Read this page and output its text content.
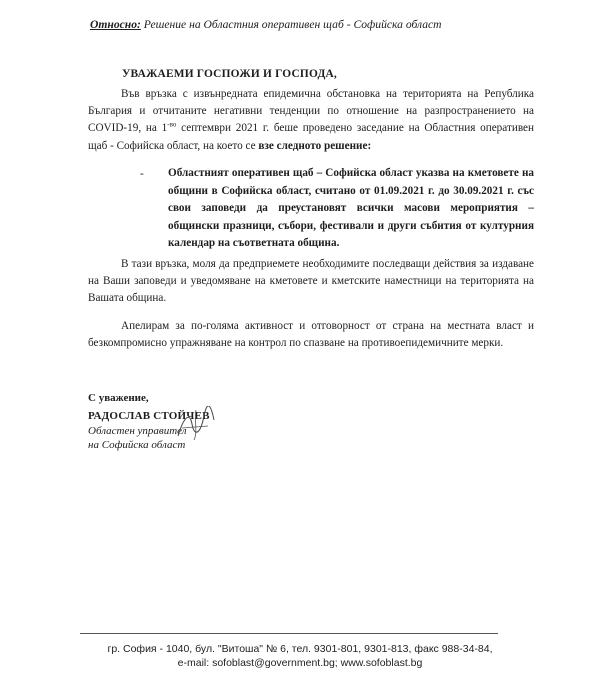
Относно: Решение на Областния оперативен щаб - Софийска област
УВАЖАЕМИ ГОСПОЖИ И ГОСПОДА,
Във връзка с извънредната епидемична обстановка на територията на Република България и отчитаните негативни тенденции по отношение на разпространението на COVID-19, на $1^{-во}$ септември 2021 г. беше проведено заседание на Областния оперативен щаб - Софийска област, на което се взе следното решение:
- Областният оперативен щаб – Софийска област указва на кметовете на общини в Софийска област, считано от 01.09.2021 г. до 30.09.2021 г. със свои заповеди да преустановят всички масови мероприятия – общински празници, събори, фестивали и други събития от културния календар на съответната община.
В тази връзка, моля да предприемете необходимите последващи действия за издаване на Ваши заповеди и уведомяване на кметовете и кметските наместници на територията на Вашата община.
Апелирам за по-голяма активност и отговорност от страна на местната власт и безкомпромисно упражняване на контрол по спазване на противоепидемичните мерки.
С уважение,
РАДОСЛАВ СТОЙЧЕВ
Областен управител
на Софийска област
гр. София - 1040, бул. "Витоша" № 6, тел. 9301-801, 9301-813, факс 988-34-84,
e-mail: sofoblast@government.bg; www.sofoblast.bg
